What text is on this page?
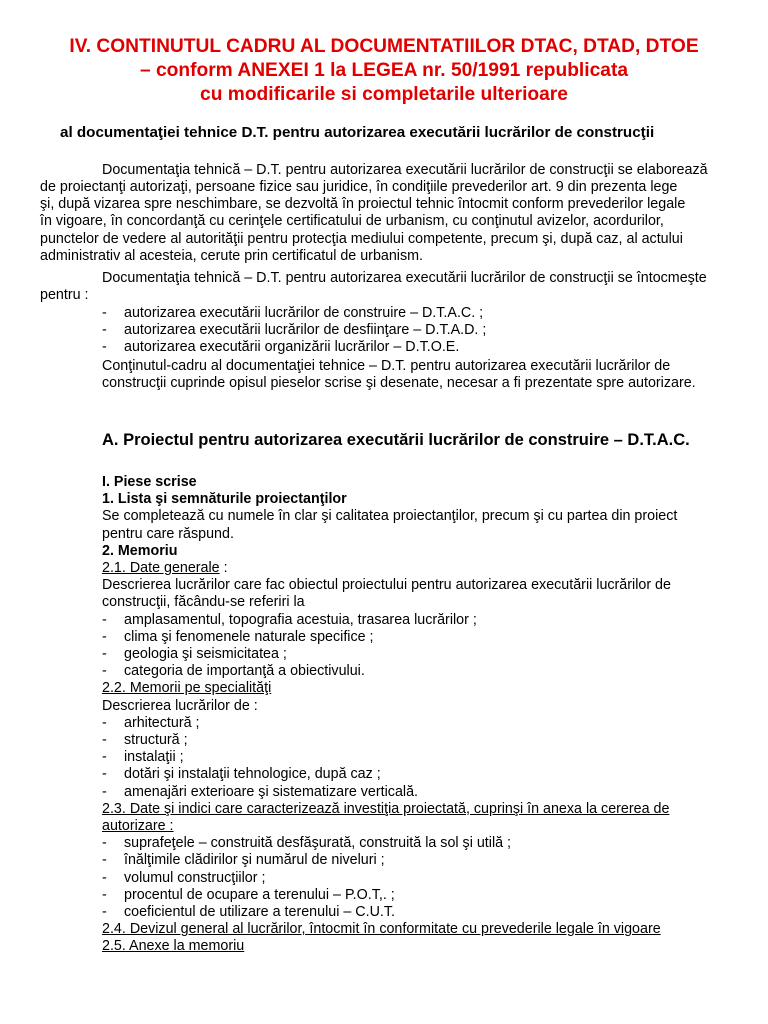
IV. CONTINUTUL CADRU AL DOCUMENTATIILOR DTAC, DTAD, DTOE
– conform ANEXEI 1 la LEGEA nr. 50/1991 republicata
cu modificarile si completarile ulterioare
al documentaţiei tehnice D.T. pentru autorizarea executării lucrărilor de construcţii
Documentaţia tehnică – D.T. pentru autorizarea executării lucrărilor de construcţii se elaborează
de proiectanţi autorizaţi, persoane fizice sau juridice, în condiţiile prevederilor art. 9 din prezenta lege
şi, după vizarea spre neschimbare, se dezvoltă în proiectul tehnic întocmit conform prevederilor legale
în vigoare, în concordanţă cu cerinţele certificatului de urbanism, cu conţinutul avizelor, acordurilor,
punctelor de vedere al autorităţii pentru protecţia mediului competente, precum şi, după caz, al actului
administrativ al acesteia, cerute prin certificatul de urbanism.
Documentaţia tehnică – D.T. pentru autorizarea executării lucrărilor de construcţii se întocmeşte
pentru :
- autorizarea executării lucrărilor de construire – D.T.A.C. ;
- autorizarea executării lucrărilor de desfiinţare – D.T.A.D. ;
- autorizarea executării organizării lucrărilor – D.T.O.E.
Conţinutul-cadru al documentaţiei tehnice – D.T. pentru autorizarea executării lucrărilor de
construcţii cuprinde opisul pieselor scrise şi desenate, necesar a fi prezentate spre autorizare.
A. Proiectul pentru autorizarea executării lucrărilor de construire – D.T.A.C.
I. Piese scrise
1. Lista şi semnăturile proiectanţilor
Se completează cu numele în clar şi calitatea proiectanţilor, precum şi cu partea din proiect
pentru care răspund.
2. Memoriu
2.1. Date generale :
Descrierea lucrărilor care fac obiectul proiectului pentru autorizarea executării lucrărilor de
construcţii, făcându-se referiri la
- amplasamentul, topografia acestuia, trasarea lucrărilor ;
- clima şi fenomenele naturale specifice ;
- geologia şi seismicitatea ;
- categoria de importanţă a obiectivului.
2.2. Memorii pe specialităţi
Descrierea lucrărilor de :
- arhitectură ;
- structură ;
- instalaţii ;
- dotări şi instalaţii tehnologice, după caz ;
- amenajări exterioare şi sistematizare verticală.
2.3. Date şi indici care caracterizează investiţia proiectată, cuprinşi în anexa la cererea de
autorizare :
- suprafeţele – construită desfăşurată, construită la sol şi utilă ;
- înălţimile clădirilor şi numărul de niveluri ;
- volumul construcţiilor ;
- procentul de ocupare a terenului – P.O.T,. ;
- coeficientul de utilizare a terenului – C.U.T.
2.4. Devizul general al lucrărilor, întocmit în conformitate cu prevederile legale în vigoare
2.5. Anexe la memoriu
